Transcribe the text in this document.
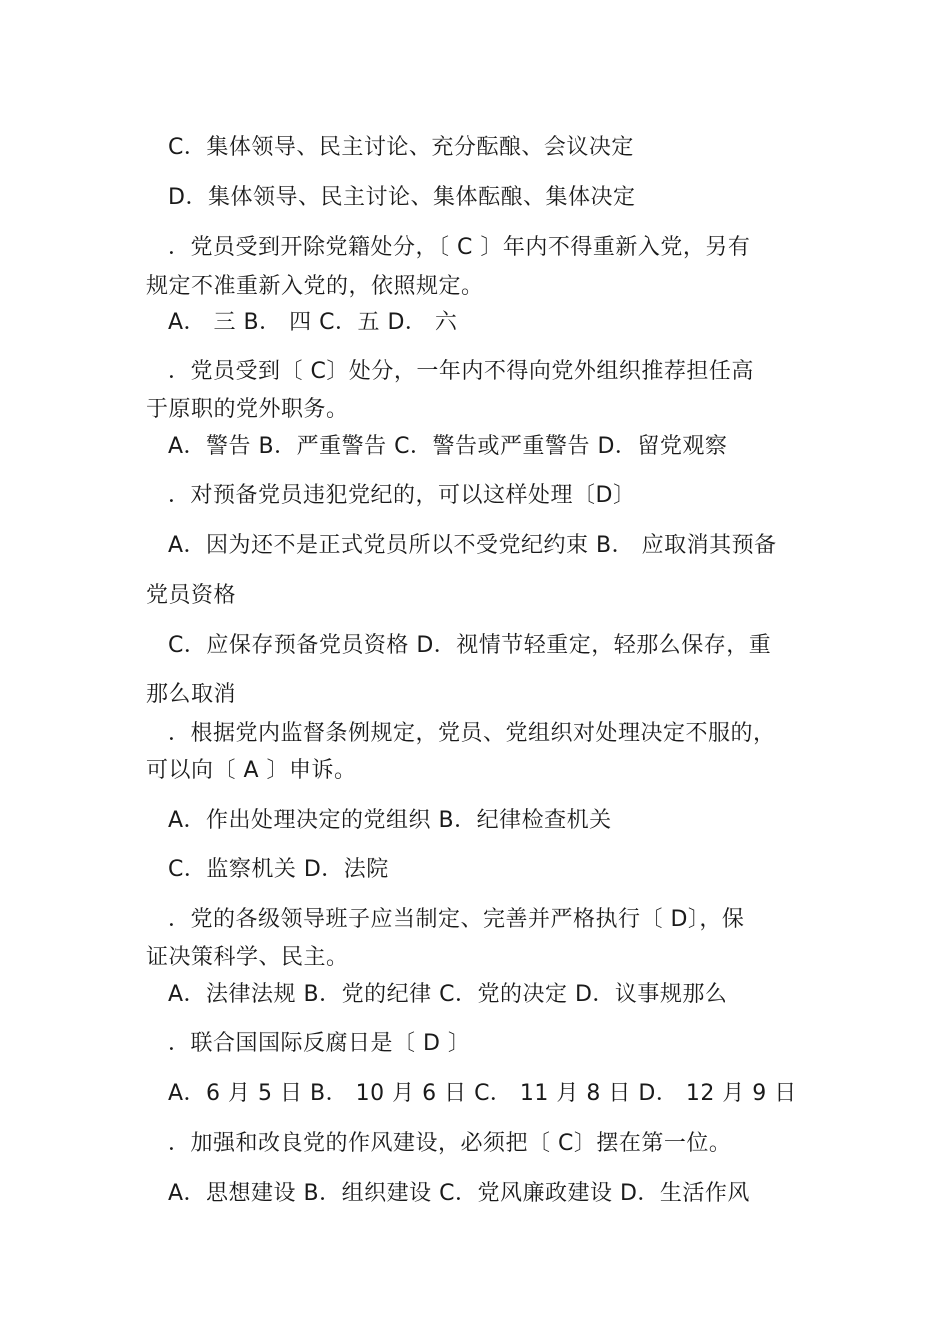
C．集体领导、民主讨论、充分酝酿、会议决定
D．集体领导、民主讨论、集体酝酿、集体决定
．党员受到开除党籍处分，〔 C 〕年内不得重新入党，另有
规定不准重新入党的，依照规定。
A． 三 B． 四 C．五 D． 六
．党员受到〔 C〕处分，一年内不得向党外组织推荐担任高
于原职的党外职务。
A．警告 B．严重警告 C．警告或严重警告 D．留党观察
．对预备党员违犯党纪的，可以这样处理〔D〕
A．因为还不是正式党员所以不受党纪约束 B． 应取消其预备
党员资格
C．应保存预备党员资格 D．视情节轻重定，轻那么保存，重
那么取消
．根据党内监督条例规定，党员、党组织对处理决定不服的，
可以向〔 A 〕申诉。
A．作出处理决定的党组织 B．纪律检查机关
C．监察机关 D．法院
．党的各级领导班子应当制定、完善并严格执行〔 D〕，保
证决策科学、民主。
A．法律法规 B．党的纪律 C．党的决定 D．议事规那么
．联合国国际反腐日是〔 D 〕
A．6 月 5 日 B． 10 月 6 日 C． 11 月 8 日 D． 12 月 9 日
．加强和改良党的作风建设，必须把〔 C〕摆在第一位。
A．思想建设 B．组织建设 C．党风廉政建设 D．生活作风
